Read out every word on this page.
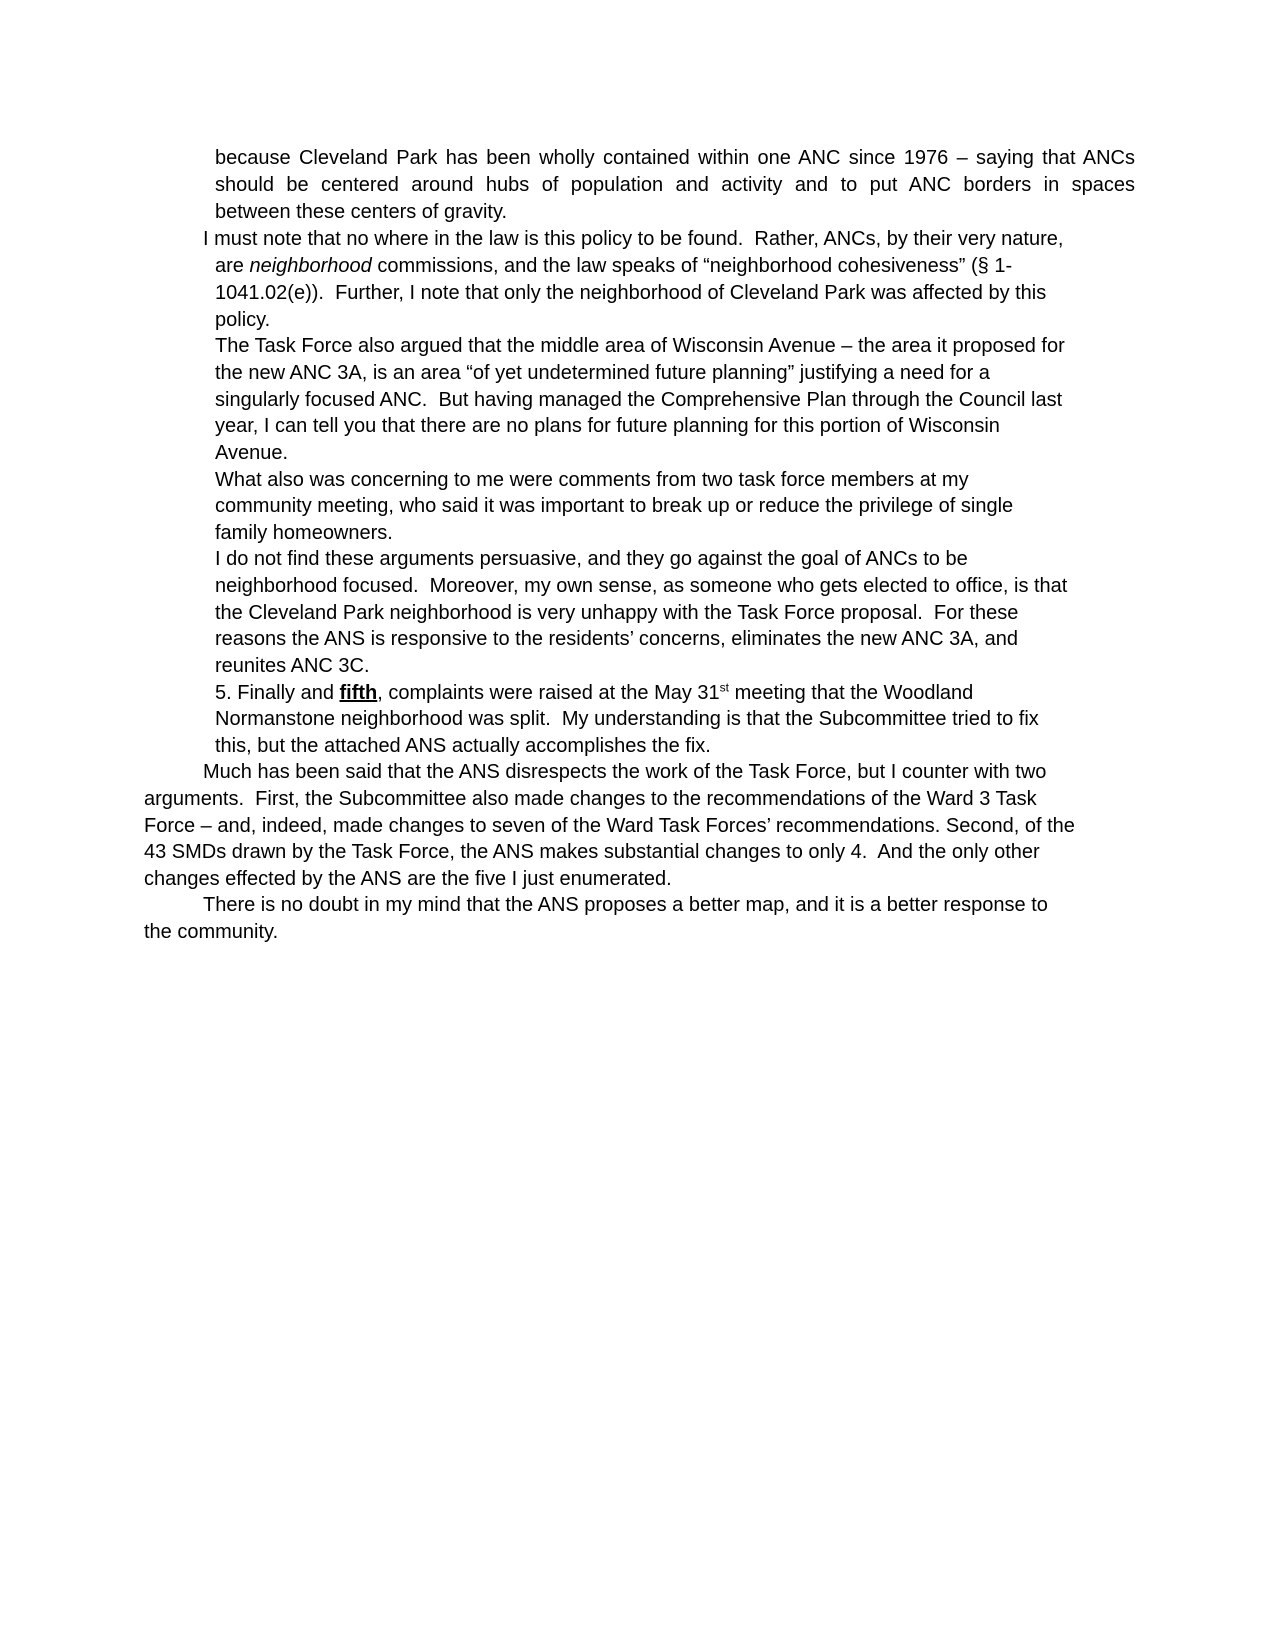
because Cleveland Park has been wholly contained within one ANC since 1976 – saying that ANCs
should be centered around hubs of population and activity and to put ANC borders in spaces
between these centers of gravity.
I must note that no where in the law is this policy to be found.  Rather, ANCs, by their very nature,
are neighborhood commissions, and the law speaks of “neighborhood cohesiveness” (§ 1-
1041.02(e)).  Further, I note that only the neighborhood of Cleveland Park was affected by this
policy.
The Task Force also argued that the middle area of Wisconsin Avenue – the area it proposed for
the new ANC 3A, is an area “of yet undetermined future planning” justifying a need for a
singularly focused ANC.  But having managed the Comprehensive Plan through the Council last
year, I can tell you that there are no plans for future planning for this portion of Wisconsin
Avenue.
What also was concerning to me were comments from two task force members at my
community meeting, who said it was important to break up or reduce the privilege of single
family homeowners.
I do not find these arguments persuasive, and they go against the goal of ANCs to be
neighborhood focused.  Moreover, my own sense, as someone who gets elected to office, is that
the Cleveland Park neighborhood is very unhappy with the Task Force proposal.  For these
reasons the ANS is responsive to the residents’ concerns, eliminates the new ANC 3A, and
reunites ANC 3C.
5. Finally and fifth, complaints were raised at the May 31st meeting that the Woodland
Normanstone neighborhood was split.  My understanding is that the Subcommittee tried to fix
this, but the attached ANS actually accomplishes the fix.
Much has been said that the ANS disrespects the work of the Task Force, but I counter with two
arguments.  First, the Subcommittee also made changes to the recommendations of the Ward 3 Task
Force – and, indeed, made changes to seven of the Ward Task Forces’ recommendations. Second, of the
43 SMDs drawn by the Task Force, the ANS makes substantial changes to only 4.  And the only other
changes effected by the ANS are the five I just enumerated.
There is no doubt in my mind that the ANS proposes a better map, and it is a better response to
the community.
